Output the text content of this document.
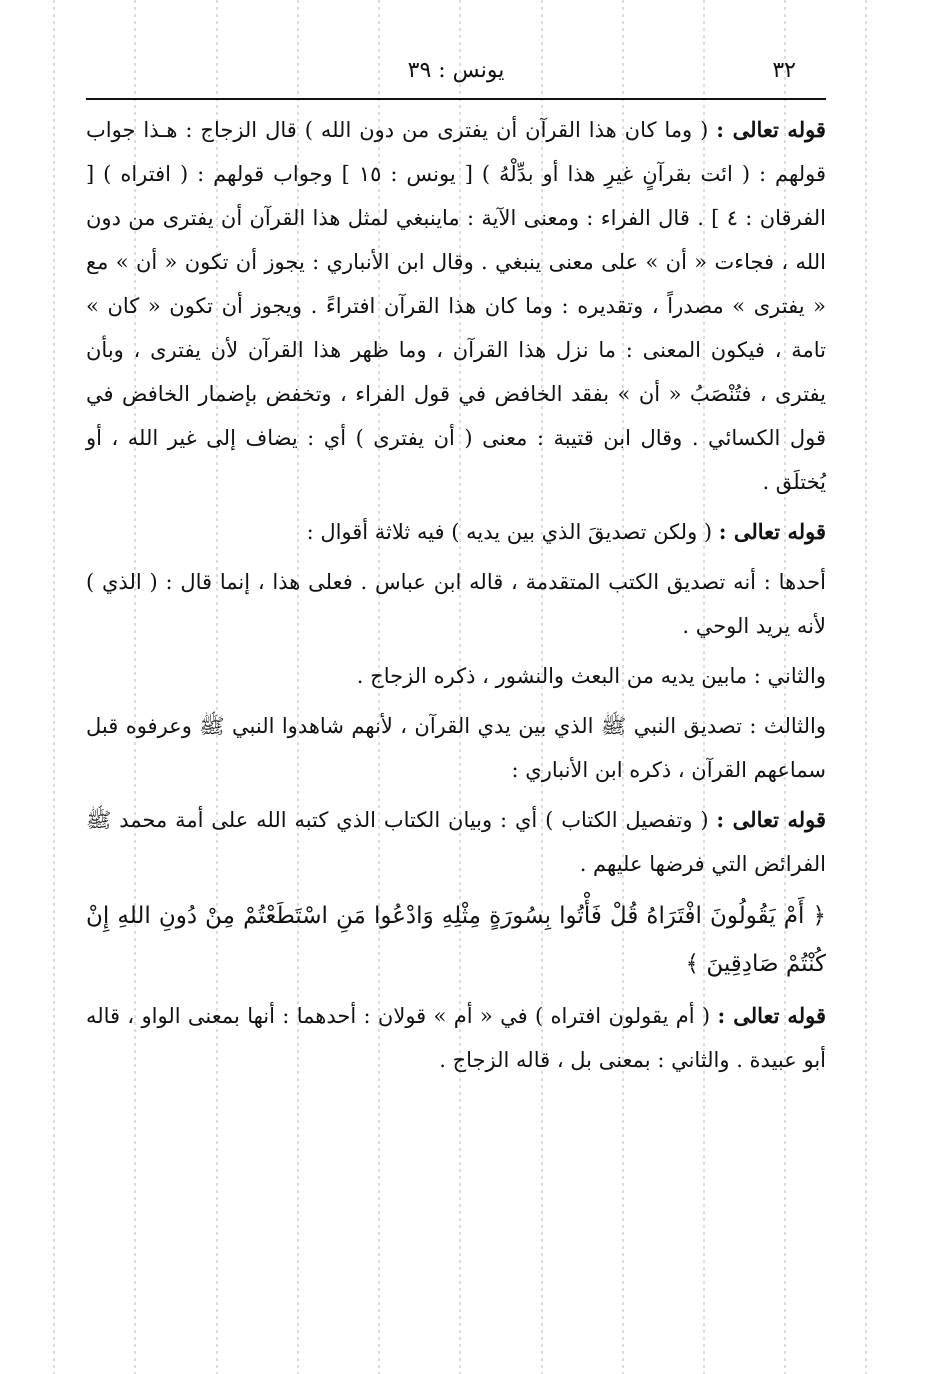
٣٢
يونس : ٣٩

قوله تعالى : ( وما كان هذا القرآن أن يفترى من دون الله ) قال الزجاج : هـذا جواب قولهم : ( ائت بقرآنٍ غيرِ هذا أو بدِّلْهُ ) [ يونس : ١٥ ] وجواب قولهم : ( افتراه ) [ الفرقان : ٤ ] . قال الفراء : ومعنى الآية : ماينبغي لمثل هذا القرآن أن يفترى من دون الله ، فجاءت « أن » على معنى ينبغي . وقال ابن الأنباري : يجوز أن تكون « أن » مع « يفترى » مصدراً ، وتقديره : وما كان هذا القرآن افتراءً . ويجوز أن تكون « كان » تامة ، فيكون المعنى : ما نزل هذا القرآن ، وما ظهر هذا القرآن لأن يفترى ، وبأن يفترى ، فتُنْصَبُ « أن » بفقد الخافض في قول الفراء ، وتخفض بإضمار الخافض في قول الكسائي . وقال ابن قتيبة : معنى ( أن يفترى ) أي : يضاف إلى غير الله ، أو يُختلَق .

قوله تعالى : ( ولكن تصديقَ الذي بين يديه ) فيه ثلاثة أقوال :

أحدها : أنه تصديق الكتب المتقدمة ، قاله ابن عباس . فعلى هذا ، إنما قال : ( الذي ) لأنه يريد الوحي .

والثاني : مابين يديه من البعث والنشور ، ذكره الزجاج .

والثالث : تصديق النبي ﷺ الذي بين يدي القرآن ، لأنهم شاهدوا النبي ﷺ وعرفوه قبل سماعهم القرآن ، ذكره ابن الأنباري :

قوله تعالى : ( وتفصيل الكتاب ) أي : وبيان الكتاب الذي كتبه الله على أمة محمد ﷺ الفرائض التي فرضها عليهم .

﴿ أَمْ يَقُولُونَ افْتَرَاهُ قُلْ فَأْتُوا بِسُورَةٍ مِثْلِهِ وَادْعُوا مَنِ اسْتَطَعْتُمْ مِنْ دُونِ اللهِ إِنْ كُنْتُمْ صَادِقِينَ ﴾

قوله تعالى : ( أم يقولون افتراه ) في « أم » قولان : أحدهما : أنها بمعنى الواو ، قاله أبو عبيدة . والثاني : بمعنى بل ، قاله الزجاج .
